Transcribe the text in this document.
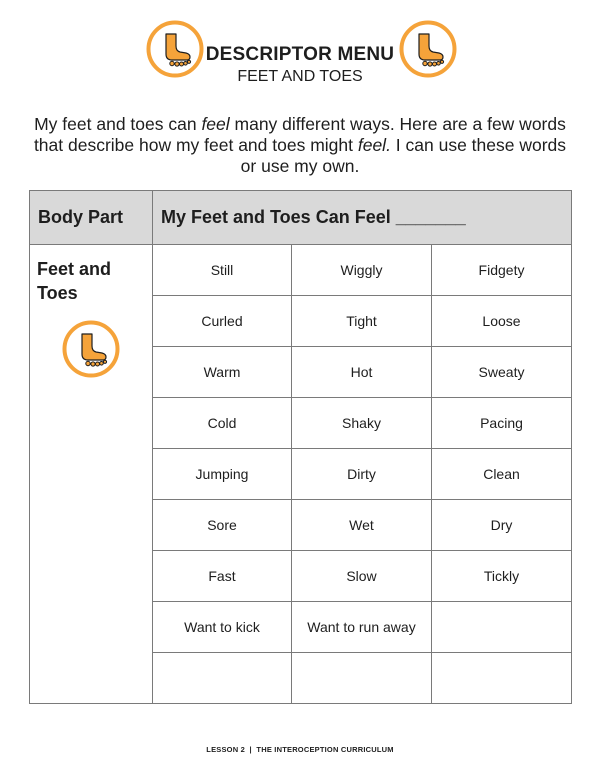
DESCRIPTOR MENU
FEET AND TOES

My feet and toes can feel many different ways. Here are a few words that describe how my feet and toes might feel. I can use these words or use my own.

Body Part	My Feet and Toes Can Feel _______		

Feet and
Toes	Still	Wiggly	Fidgety
	Curled	Tight	Loose
	Warm	Hot	Sweaty
	Cold	Shaky	Pacing
	Jumping	Dirty	Clean
	Sore	Wet	Dry
	Fast	Slow	Tickly
	Want to kick	Want to run away	

LESSON 2  |  THE INTEROCEPTION CURRICULUM
